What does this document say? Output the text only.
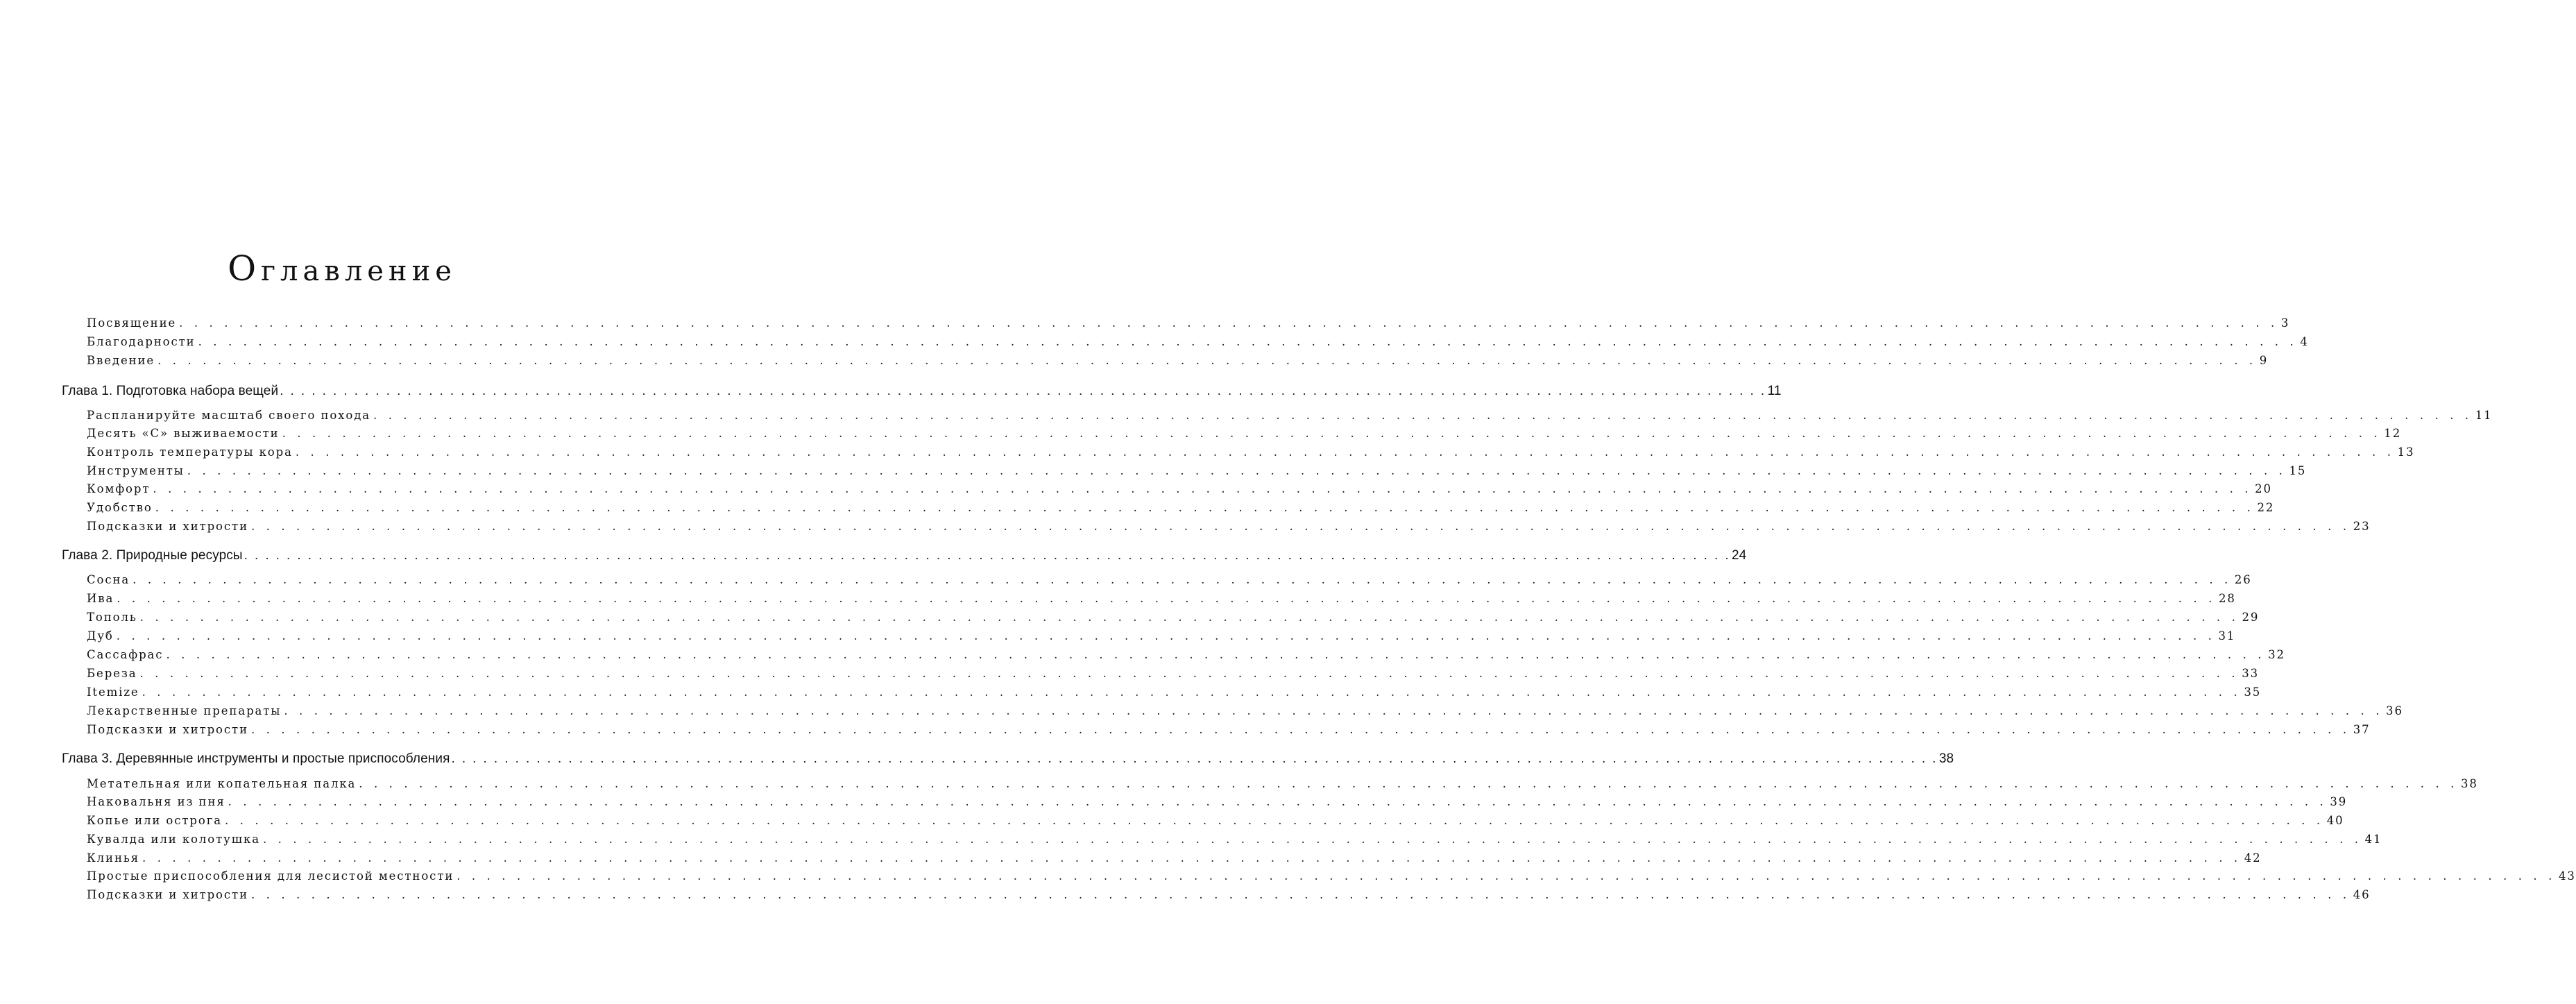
Оглавление
Посвящение . . . . . . . . . . . . . . . . . . . . . . . . . . . . . . . . . . . . . . . . . . . . . . . . . . . . . . . . . . . . . . . . . . . . . . . . . . . . . . . . . . . . . . . . . . . . . . . . . . . . . . . . . . . . . . . . . . . . . . . . . . . . . . . . . . . . . . . . . . . . 3
Благодарности . . . . . . . . . . . . . . . . . . . . . . . . . . . . . . . . . . . . . . . . . . . . . . . . . . . . . . . . . . . . . . . . . . . . . . . . . . . . . . . . . . . . . . . . . . . . . . . . . . . . . . . . . . . . . . . . . . . . . . . . . . . . . . . . . . . . . . . . . . . . 4
Введение . . . . . . . . . . . . . . . . . . . . . . . . . . . . . . . . . . . . . . . . . . . . . . . . . . . . . . . . . . . . . . . . . . . . . . . . . . . . . . . . . . . . . . . . . . . . . . . . . . . . . . . . . . . . . . . . . . . . . . . . . . . . . . . . . . . . . . . . . . . . 9
Глава 1. Подготовка набора вещей . . . . . . . . . . . . . . . . . . . . . . . . . . . . . . . . . . . . . . . . . . . . . . . . . . . . . . . . . . . . . . . . . . . . . . . . . . . . . . . . . . . . . . . . . . . . . . . . . . . . . . . . . . . . . . . . . . . . . . . . . . . . . . . . . . . . . . . . . . . . 11
Распланируйте масштаб своего похода . . . . . . . . . . . . . . . . . . . . . . . . . . . . . . . . . . . . . . . . . . . . . . . . . . . . . . . . . . . . . . . . . . . . . . . . . . . . . . . . . . . . . . . . . . . . . . . . . . . . . . . . . . . . . . . . . . . . . . . . . . . . . . . . . . . . . . . . . . . . 11
Десять «С» выживаемости . . . . . . . . . . . . . . . . . . . . . . . . . . . . . . . . . . . . . . . . . . . . . . . . . . . . . . . . . . . . . . . . . . . . . . . . . . . . . . . . . . . . . . . . . . . . . . . . . . . . . . . . . . . . . . . . . . . . . . . . . . . . . . . . . . . . . . . . . . . . 12
Контроль температуры кора . . . . . . . . . . . . . . . . . . . . . . . . . . . . . . . . . . . . . . . . . . . . . . . . . . . . . . . . . . . . . . . . . . . . . . . . . . . . . . . . . . . . . . . . . . . . . . . . . . . . . . . . . . . . . . . . . . . . . . . . . . . . . . . . . . . . . . . . . . . . 13
Инструменты . . . . . . . . . . . . . . . . . . . . . . . . . . . . . . . . . . . . . . . . . . . . . . . . . . . . . . . . . . . . . . . . . . . . . . . . . . . . . . . . . . . . . . . . . . . . . . . . . . . . . . . . . . . . . . . . . . . . . . . . . . . . . . . . . . . . . . . . . . . . 15
Комфорт . . . . . . . . . . . . . . . . . . . . . . . . . . . . . . . . . . . . . . . . . . . . . . . . . . . . . . . . . . . . . . . . . . . . . . . . . . . . . . . . . . . . . . . . . . . . . . . . . . . . . . . . . . . . . . . . . . . . . . . . . . . . . . . . . . . . . . . . . . . . 20
Удобство . . . . . . . . . . . . . . . . . . . . . . . . . . . . . . . . . . . . . . . . . . . . . . . . . . . . . . . . . . . . . . . . . . . . . . . . . . . . . . . . . . . . . . . . . . . . . . . . . . . . . . . . . . . . . . . . . . . . . . . . . . . . . . . . . . . . . . . . . . . . 22
Подсказки и хитрости . . . . . . . . . . . . . . . . . . . . . . . . . . . . . . . . . . . . . . . . . . . . . . . . . . . . . . . . . . . . . . . . . . . . . . . . . . . . . . . . . . . . . . . . . . . . . . . . . . . . . . . . . . . . . . . . . . . . . . . . . . . . . . . . . . . . . . . . . . . . 23
Глава 2. Природные ресурсы . . . . . . . . . . . . . . . . . . . . . . . . . . . . . . . . . . . . . . . . . . . . . . . . . . . . . . . . . . . . . . . . . . . . . . . . . . . . . . . . . . . . . . . . . . . . . . . . . . . . . . . . . . . . . . . . . . . . . . . . . . . . . . . . . . . . . . . . . . . . 24
Сосна . . . . . . . . . . . . . . . . . . . . . . . . . . . . . . . . . . . . . . . . . . . . . . . . . . . . . . . . . . . . . . . . . . . . . . . . . . . . . . . . . . . . . . . . . . . . . . . . . . . . . . . . . . . . . . . . . . . . . . . . . . . . . . . . . . . . . . . . . . . . 26
Ива . . . . . . . . . . . . . . . . . . . . . . . . . . . . . . . . . . . . . . . . . . . . . . . . . . . . . . . . . . . . . . . . . . . . . . . . . . . . . . . . . . . . . . . . . . . . . . . . . . . . . . . . . . . . . . . . . . . . . . . . . . . . . . . . . . . . . . . . . . . . 28
Тополь . . . . . . . . . . . . . . . . . . . . . . . . . . . . . . . . . . . . . . . . . . . . . . . . . . . . . . . . . . . . . . . . . . . . . . . . . . . . . . . . . . . . . . . . . . . . . . . . . . . . . . . . . . . . . . . . . . . . . . . . . . . . . . . . . . . . . . . . . . . . 29
Дуб . . . . . . . . . . . . . . . . . . . . . . . . . . . . . . . . . . . . . . . . . . . . . . . . . . . . . . . . . . . . . . . . . . . . . . . . . . . . . . . . . . . . . . . . . . . . . . . . . . . . . . . . . . . . . . . . . . . . . . . . . . . . . . . . . . . . . . . . . . . . 31
Сассафрас . . . . . . . . . . . . . . . . . . . . . . . . . . . . . . . . . . . . . . . . . . . . . . . . . . . . . . . . . . . . . . . . . . . . . . . . . . . . . . . . . . . . . . . . . . . . . . . . . . . . . . . . . . . . . . . . . . . . . . . . . . . . . . . . . . . . . . . . . . . . 32
Береза . . . . . . . . . . . . . . . . . . . . . . . . . . . . . . . . . . . . . . . . . . . . . . . . . . . . . . . . . . . . . . . . . . . . . . . . . . . . . . . . . . . . . . . . . . . . . . . . . . . . . . . . . . . . . . . . . . . . . . . . . . . . . . . . . . . . . . . . . . . . 33
Itemize . . . . . . . . . . . . . . . . . . . . . . . . . . . . . . . . . . . . . . . . . . . . . . . . . . . . . . . . . . . . . . . . . . . . . . . . . . . . . . . . . . . . . . . . . . . . . . . . . . . . . . . . . . . . . . . . . . . . . . . . . . . . . . . . . . . . . . . . . . . . 35
Лекарственные препараты . . . . . . . . . . . . . . . . . . . . . . . . . . . . . . . . . . . . . . . . . . . . . . . . . . . . . . . . . . . . . . . . . . . . . . . . . . . . . . . . . . . . . . . . . . . . . . . . . . . . . . . . . . . . . . . . . . . . . . . . . . . . . . . . . . . . . . . . . . . . 36
Подсказки и хитрости . . . . . . . . . . . . . . . . . . . . . . . . . . . . . . . . . . . . . . . . . . . . . . . . . . . . . . . . . . . . . . . . . . . . . . . . . . . . . . . . . . . . . . . . . . . . . . . . . . . . . . . . . . . . . . . . . . . . . . . . . . . . . . . . . . . . . . . . . . . . 37
Глава 3. Деревянные инструменты и простые приспособления . . . . . . . . . . . . . . . . . . . . . . . . . . . . . . . . . . . . . . . . . . . . . . . . . . . . . . . . . . . . . . . . . . . . . . . . . . . . . . . . . . . . . . . . . . . . . . . . . . . . . . . . . . . . . . . . . . . . . . . . . . . . . . . . . . . . . . . . . . . . 38
Метательная или копательная палка . . . . . . . . . . . . . . . . . . . . . . . . . . . . . . . . . . . . . . . . . . . . . . . . . . . . . . . . . . . . . . . . . . . . . . . . . . . . . . . . . . . . . . . . . . . . . . . . . . . . . . . . . . . . . . . . . . . . . . . . . . . . . . . . . . . . . . . . . . . . 38
Наковальня из пня . . . . . . . . . . . . . . . . . . . . . . . . . . . . . . . . . . . . . . . . . . . . . . . . . . . . . . . . . . . . . . . . . . . . . . . . . . . . . . . . . . . . . . . . . . . . . . . . . . . . . . . . . . . . . . . . . . . . . . . . . . . . . . . . . . . . . . . . . . . . 39
Копье или острога . . . . . . . . . . . . . . . . . . . . . . . . . . . . . . . . . . . . . . . . . . . . . . . . . . . . . . . . . . . . . . . . . . . . . . . . . . . . . . . . . . . . . . . . . . . . . . . . . . . . . . . . . . . . . . . . . . . . . . . . . . . . . . . . . . . . . . . . . . . . 40
Кувалда или колотушка . . . . . . . . . . . . . . . . . . . . . . . . . . . . . . . . . . . . . . . . . . . . . . . . . . . . . . . . . . . . . . . . . . . . . . . . . . . . . . . . . . . . . . . . . . . . . . . . . . . . . . . . . . . . . . . . . . . . . . . . . . . . . . . . . . . . . . . . . . . . 41
Клинья . . . . . . . . . . . . . . . . . . . . . . . . . . . . . . . . . . . . . . . . . . . . . . . . . . . . . . . . . . . . . . . . . . . . . . . . . . . . . . . . . . . . . . . . . . . . . . . . . . . . . . . . . . . . . . . . . . . . . . . . . . . . . . . . . . . . . . . . . . . . 42
Простые приспособления для лесистой местности . . . . . . . . . . . . . . . . . . . . . . . . . . . . . . . . . . . . . . . . . . . . . . . . . . . . . . . . . . . . . . . . . . . . . . . . . . . . . . . . . . . . . . . . . . . . . . . . . . . . . . . . . . . . . . . . . . . . . . . . . . . . . . . . . . . . . . . . . . . . 43
Подсказки и хитрости . . . . . . . . . . . . . . . . . . . . . . . . . . . . . . . . . . . . . . . . . . . . . . . . . . . . . . . . . . . . . . . . . . . . . . . . . . . . . . . . . . . . . . . . . . . . . . . . . . . . . . . . . . . . . . . . . . . . . . . . . . . . . . . . . . . . . . . . . . . . 46
